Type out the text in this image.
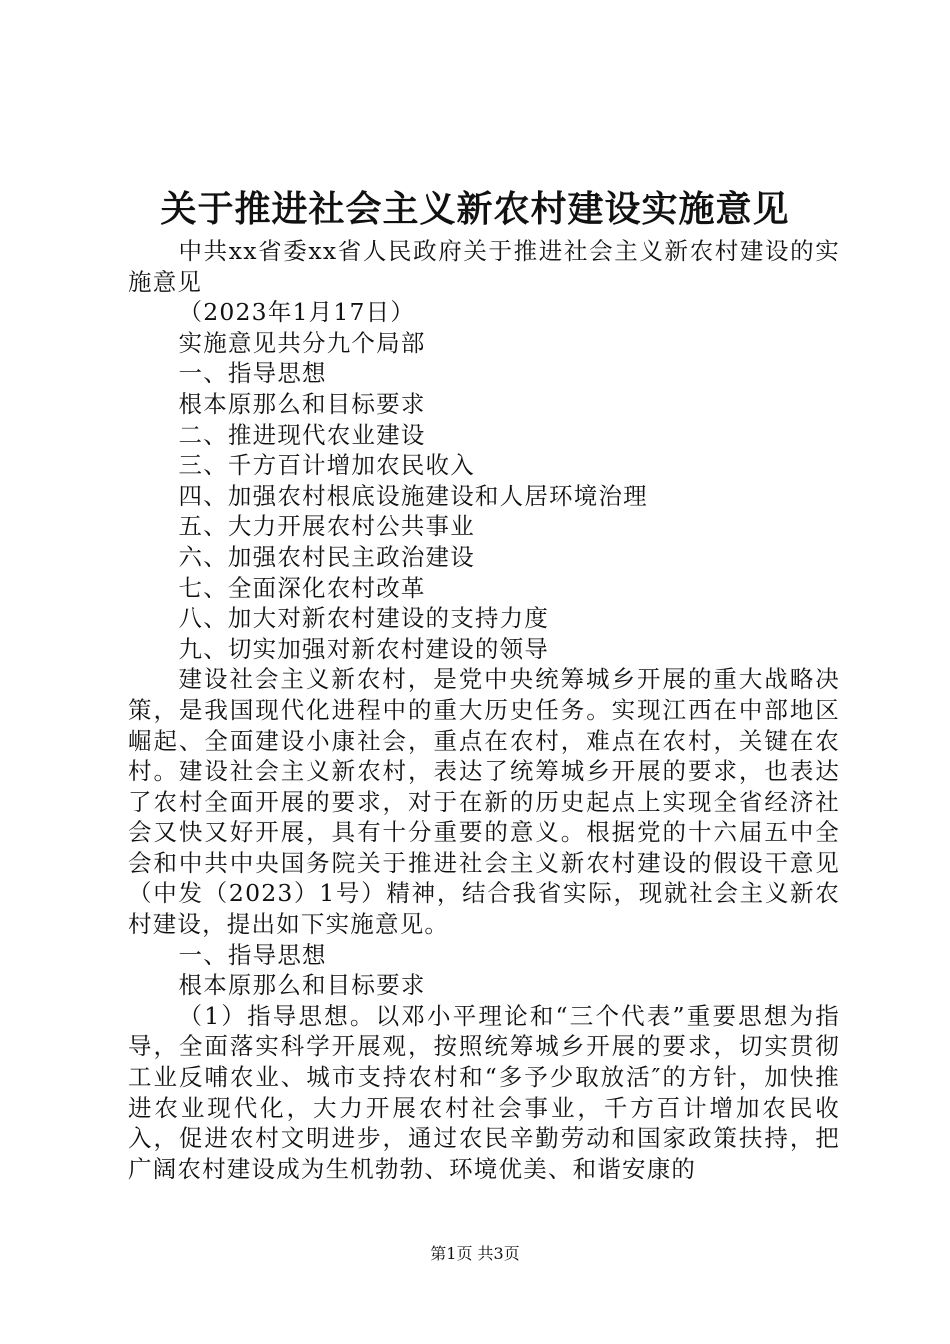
关于推进社会主义新农村建设实施意见

中共xx省委xx省人民政府关于推进社会主义新农村建设的实施意见

（2023年1月17日）

实施意见共分九个局部

一、指导思想

根本原那么和目标要求

二、推进现代农业建设

三、千方百计增加农民收入

四、加强农村根底设施建设和人居环境治理

五、大力开展农村公共事业

六、加强农村民主政治建设

七、全面深化农村改革

八、加大对新农村建设的支持力度

九、切实加强对新农村建设的领导

建设社会主义新农村，是党中央统筹城乡开展的重大战略决策，是我国现代化进程中的重大历史任务。实现江西在中部地区崛起、全面建设小康社会，重点在农村，难点在农村，关键在农村。建设社会主义新农村，表达了统筹城乡开展的要求，也表达了农村全面开展的要求，对于在新的历史起点上实现全省经济社会又快又好开展，具有十分重要的意义。根据党的十六届五中全会和中共中央国务院关于推进社会主义新农村建设的假设干意见（中发（2023）1号）精神，结合我省实际，现就社会主义新农村建设，提出如下实施意见。

一、指导思想

根本原那么和目标要求

（1）指导思想。以邓小平理论和“三个代表”重要思想为指导，全面落实科学开展观，按照统筹城乡开展的要求，切实贯彻工业反哺农业、城市支持农村和“多予少取放活″的方针，加快推进农业现代化，大力开展农村社会事业，千方百计增加农民收入，促进农村文明进步，通过农民辛勤劳动和国家政策扶持，把广阔农村建设成为生机勃勃、环境优美、和谐安康的

第1页 共3页
